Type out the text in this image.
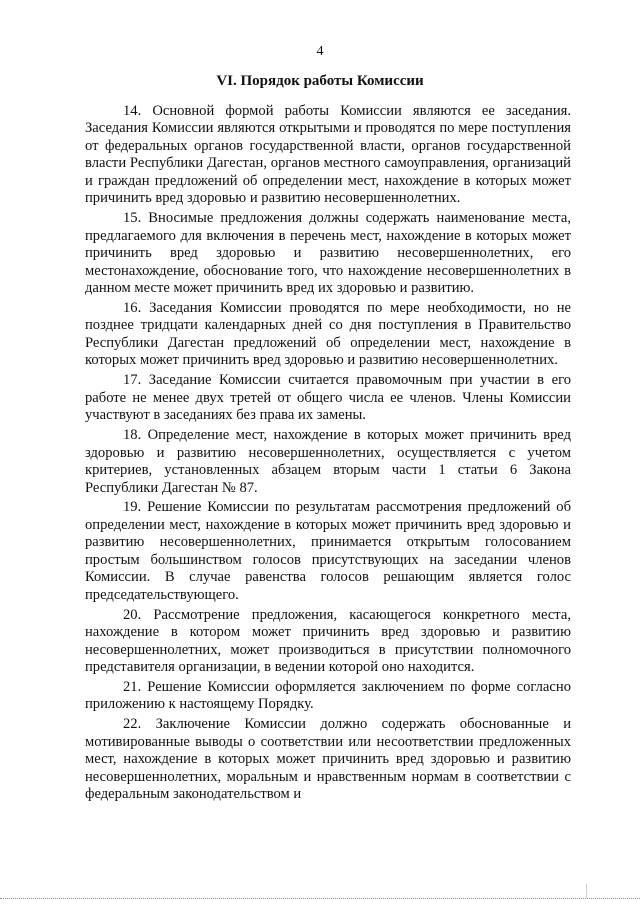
4
VI. Порядок работы Комиссии

14. Основной формой работы Комиссии являются ее заседания. Заседания Комиссии являются открытыми и проводятся по мере поступления от федеральных органов государственной власти, органов государственной власти Республики Дагестан, органов местного самоуправления, организаций и граждан предложений об определении мест, нахождение в которых может причинить вред здоровью и развитию несовершеннолетних.

15. Вносимые предложения должны содержать наименование места, предлагаемого для включения в перечень мест, нахождение в которых может причинить вред здоровью и развитию несовершеннолетних, его местонахождение, обоснование того, что нахождение несовершеннолетних в данном месте может причинить вред их здоровью и развитию.

16. Заседания Комиссии проводятся по мере необходимости, но не позднее тридцати календарных дней со дня поступления в Правительство Республики Дагестан предложений об определении мест, нахождение в которых может причинить вред здоровью и развитию несовершеннолетних.

17. Заседание Комиссии считается правомочным при участии в его работе не менее двух третей от общего числа ее членов. Члены Комиссии участвуют в заседаниях без права их замены.

18. Определение мест, нахождение в которых может причинить вред здоровью и развитию несовершеннолетних, осуществляется с учетом критериев, установленных абзацем вторым части 1 статьи 6 Закона Республики Дагестан № 87.

19. Решение Комиссии по результатам рассмотрения предложений об определении мест, нахождение в которых может причинить вред здоровью и развитию несовершеннолетних, принимается открытым голосованием простым большинством голосов присутствующих на заседании членов Комиссии. В случае равенства голосов решающим является голос председательствующего.

20. Рассмотрение предложения, касающегося конкретного места, нахождение в котором может причинить вред здоровью и развитию несовершеннолетних, может производиться в присутствии полномочного представителя организации, в ведении которой оно находится.

21. Решение Комиссии оформляется заключением по форме согласно приложению к настоящему Порядку.

22. Заключение Комиссии должно содержать обоснованные и мотивированные выводы о соответствии или несоответствии предложенных мест, нахождение в которых может причинить вред здоровью и развитию несовершеннолетних, моральным и нравственным нормам в соответствии с федеральным законодательством и
